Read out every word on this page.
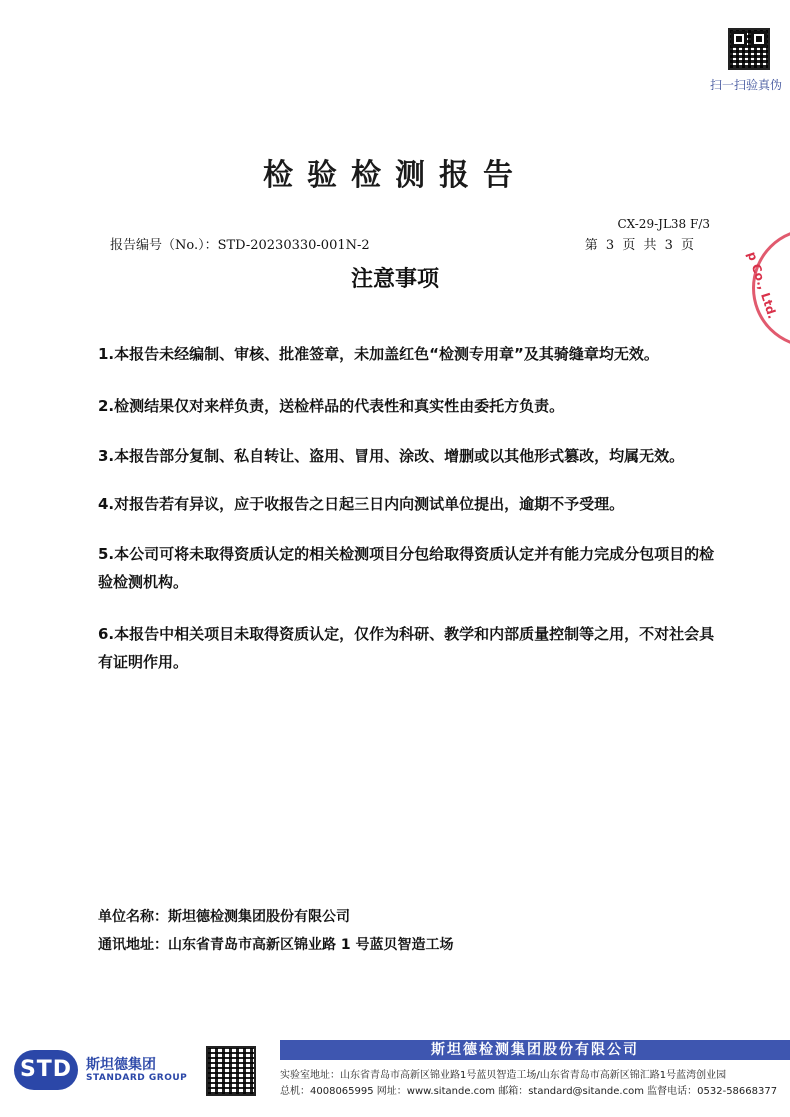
扫一扫验真伪
检验检测报告
CX-29-JL38 F/3
报告编号（No.）：STD-20230330-001N-2	第 3 页 共 3 页
p Co., Ltd.
注意事项

1.本报告未经编制、审核、批准签章，未加盖红色“检测专用章”及其骑缝章均无效。

2.检测结果仅对来样负责，送检样品的代表性和真实性由委托方负责。

3.本报告部分复制、私自转让、盗用、冒用、涂改、增删或以其他形式篡改，均属无效。

4.对报告若有异议，应于收报告之日起三日内向测试单位提出，逾期不予受理。

5.本公司可将未取得资质认定的相关检测项目分包给取得资质认定并有能力完成分包项目的检验检测机构。

6.本报告中相关项目未取得资质认定，仅作为科研、教学和内部质量控制等之用，不对社会具有证明作用。

单位名称：斯坦德检测集团股份有限公司
通讯地址：山东省青岛市高新区锦业路 1 号蓝贝智造工场
STD 斯坦德集团
STANDARD GROUP
斯坦德检测集团股份有限公司
实验室地址：山东省青岛市高新区锦业路1号蓝贝智造工场/山东省青岛市高新区锦汇路1号蓝湾创业园
总机：4008065995 网址：www.sitande.com 邮箱：standard@sitande.com 监督电话：0532-58668377
